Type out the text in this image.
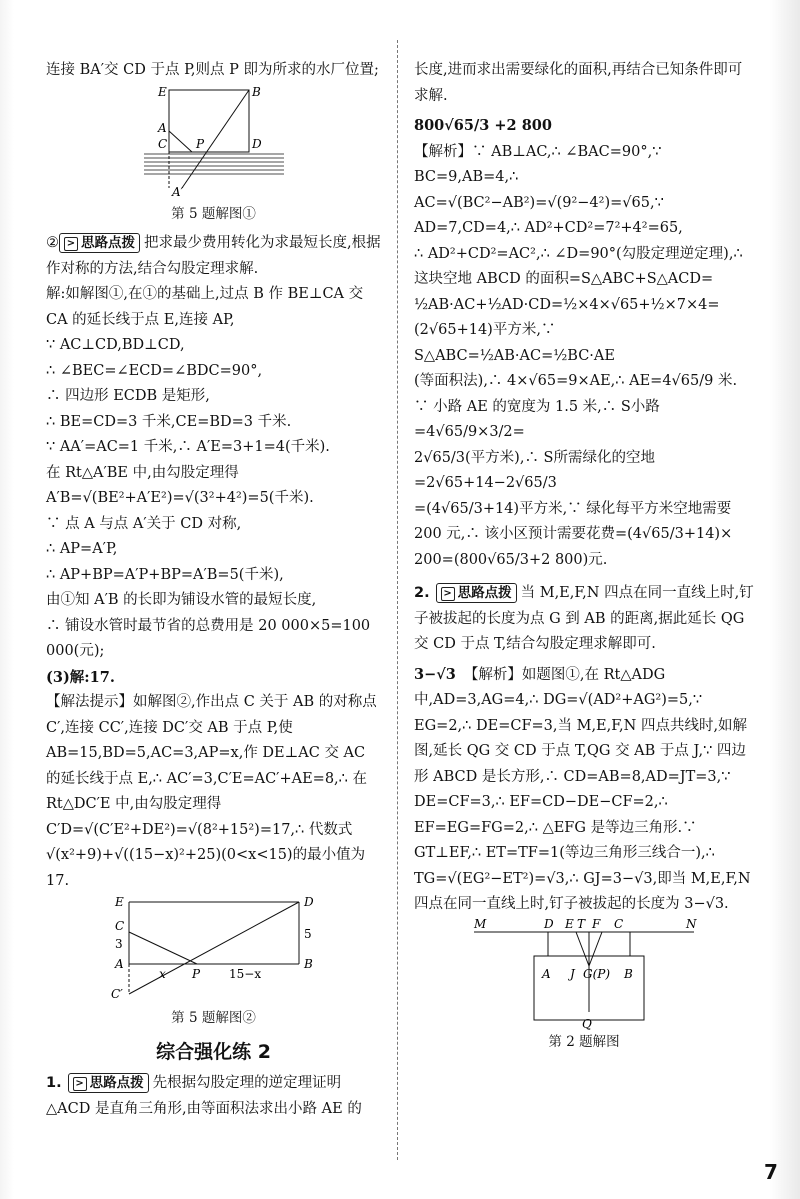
连接 BA′交 CD 于点 P,则点 P 即为所求的水厂位置;

E	B
A
C P	D
A′

第 5 题解图①

② > 思路点拨 把求最少费用转化为求最短长度,根据作对称的方法,结合勾股定理求解.

解:如解图①,在①的基础上,过点 B 作 BE⊥CA 交 CA 的延长线于点 E,连接 AP,

∵ AC⊥CD,BD⊥CD,

∴ ∠BEC=∠ECD=∠BDC=90°,

∴ 四边形 ECDB 是矩形,

∴ BE=CD=3 千米,CE=BD=3 千米.

∵ AA′=AC=1 千米,∴ A′E=3+1=4(千米).

在 Rt△A′BE 中,由勾股定理得 A′B=√(BE²+A′E²)=√(3²+4²)=5(千米).

∵ 点 A 与点 A′关于 CD 对称,

∴ AP=A′P,

∴ AP+BP=A′P+BP=A′B=5(千米),

由①知 A′B 的长即为铺设水管的最短长度,

∴ 铺设水管时最节省的总费用是 20 000×5=100 000(元);

(3)解:17.

【解法提示】如解图②,作出点 C 关于 AB 的对称点 C′,连接 CC′,连接 DC′交 AB 于点 P,使 AB=15,BD=5,AC=3,AP=x,作 DE⊥AC 交 AC 的延长线于点 E,∴ AC′=3,C′E=AC′+AE=8,∴ 在 Rt△DC′E 中,由勾股定理得 C′D=√(C′E²+DE²)=√(8²+15²)=17,∴ 代数式 √(x²+9)+√((15−x)²+25)(0<x<15)的最小值为 17.

E	D
C
3
5
A
x P 15−x
B
C′

第 5 题解图②

综合强化练 2

1. > 思路点拨 先根据勾股定理的逆定理证明 △ACD 是直角三角形,由等面积法求出小路 AE 的

长度,进而求出需要绿化的面积,再结合已知条件即可求解.

800√65/3 +2 800

【解析】∵ AB⊥AC,∴ ∠BAC=90°,∵ BC=9,AB=4,∴ AC=√(BC²−AB²)=√(9²−4²)=√65,∵ AD=7,CD=4,∴ AD²+CD²=7²+4²=65,

∴ AD²+CD²=AC²,∴ ∠D=90°(勾股定理逆定理),∴ 这块空地 ABCD 的面积=S△ABC+S△ACD=

½AB·AC+½AD·CD=½×4×√65+½×7×4=(2√65+14)平方米,∵ S△ABC=½AB·AC=½BC·AE

(等面积法),∴ 4×√65=9×AE,∴ AE=4√65/9 米.

∵ 小路 AE 的宽度为 1.5 米,∴ S小路=4√65/9×3/2=

2√65/3(平方米),∴ S所需绿化的空地=2√65+14−2√65/3

=(4√65/3+14)平方米,∵ 绿化每平方米空地需要

200 元,∴ 该小区预计需要花费=(4√65/3+14)×

200=(800√65/3+2 800)元.

2. > 思路点拨 当 M,E,F,N 四点在同一直线上时,钉子被拔起的长度为点 G 到 AB 的距离,据此延长 QG 交 CD 于点 T,结合勾股定理求解即可.

3−√3 【解析】如题图①,在 Rt△ADG 中,AD=3,AG=4,∴ DG=√(AD²+AG²)=5,∵ EG=2,∴ DE=CF=3,当 M,E,F,N 四点共线时,如解图,延长 QG 交 CD 于点 T,QG 交 AB 于点 J,∵ 四边形 ABCD 是长方形,∴ CD=AB=8,AD=JT=3,∵ DE=CF=3,∴ EF=CD−DE−CF=2,∴ EF=EG=FG=2,∴ △EFG 是等边三角形.∵ GT⊥EF,∴ ET=TF=1(等边三角形三线合一),∴ TG=√(EG²−ET²)=√3,∴ GJ=3−√3,即当 M,E,F,N 四点在同一直线上时,钉子被拔起的长度为 3−√3.

M	D E T F C	N
A J G(P) B
Q

第 2 题解图

7
